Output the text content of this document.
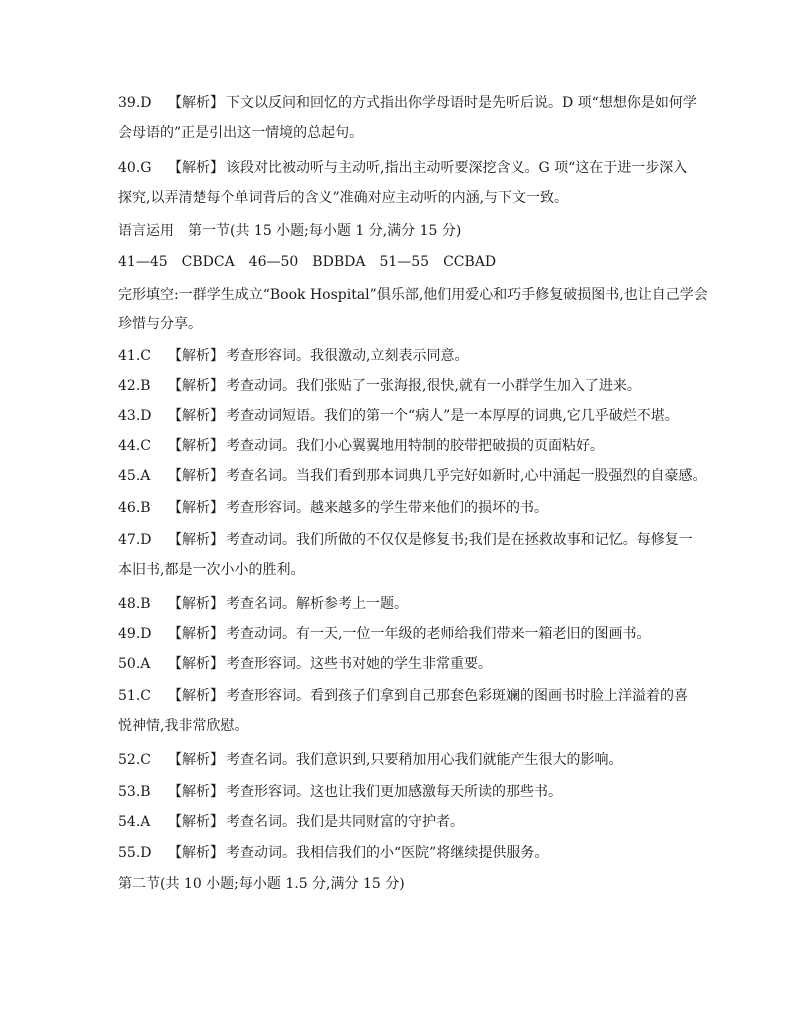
39.D 【解析】 下文以反问和回忆的方式指出你学母语时是先听后说。D 项“想想你是如何学
会母语的”正是引出这一情境的总起句。
40.G 【解析】 该段对比被动听与主动听,指出主动听要深挖含义。G 项“这在于进一步深入
探究,以弄清楚每个单词背后的含义”准确对应主动听的内涵,与下文一致。
语言运用　第一节(共 15 小题;每小题 1 分,满分 15 分)
41—45　CBDCA　46—50　BDBDA　51—55　CCBAD
完形填空:一群学生成立“Book Hospital”俱乐部,他们用爱心和巧手修复破损图书,也让自己学会
珍惜与分享。
41.C 【解析】 考查形容词。我很激动,立刻表示同意。
42.B 【解析】 考查动词。我们张贴了一张海报,很快,就有一小群学生加入了进来。
43.D 【解析】 考查动词短语。我们的第一个“病人”是一本厚厚的词典,它几乎破烂不堪。
44.C 【解析】 考查动词。我们小心翼翼地用特制的胶带把破损的页面粘好。
45.A 【解析】 考查名词。当我们看到那本词典几乎完好如新时,心中涌起一股强烈的自豪感。
46.B 【解析】 考查形容词。越来越多的学生带来他们的损坏的书。
47.D 【解析】 考查动词。我们所做的不仅仅是修复书;我们是在拯救故事和记忆。每修复一
本旧书,都是一次小小的胜利。
48.B 【解析】 考查名词。解析参考上一题。
49.D 【解析】 考查动词。有一天,一位一年级的老师给我们带来一箱老旧的图画书。
50.A 【解析】 考查形容词。这些书对她的学生非常重要。
51.C 【解析】 考查形容词。看到孩子们拿到自己那套色彩斑斓的图画书时脸上洋溢着的喜
悦神情,我非常欣慰。
52.C 【解析】 考查名词。我们意识到,只要稍加用心我们就能产生很大的影响。
53.B 【解析】 考查形容词。这也让我们更加感激每天所读的那些书。
54.A 【解析】 考查名词。我们是共同财富的守护者。
55.D 【解析】 考查动词。我相信我们的小“医院”将继续提供服务。
第二节(共 10 小题;每小题 1.5 分,满分 15 分)
